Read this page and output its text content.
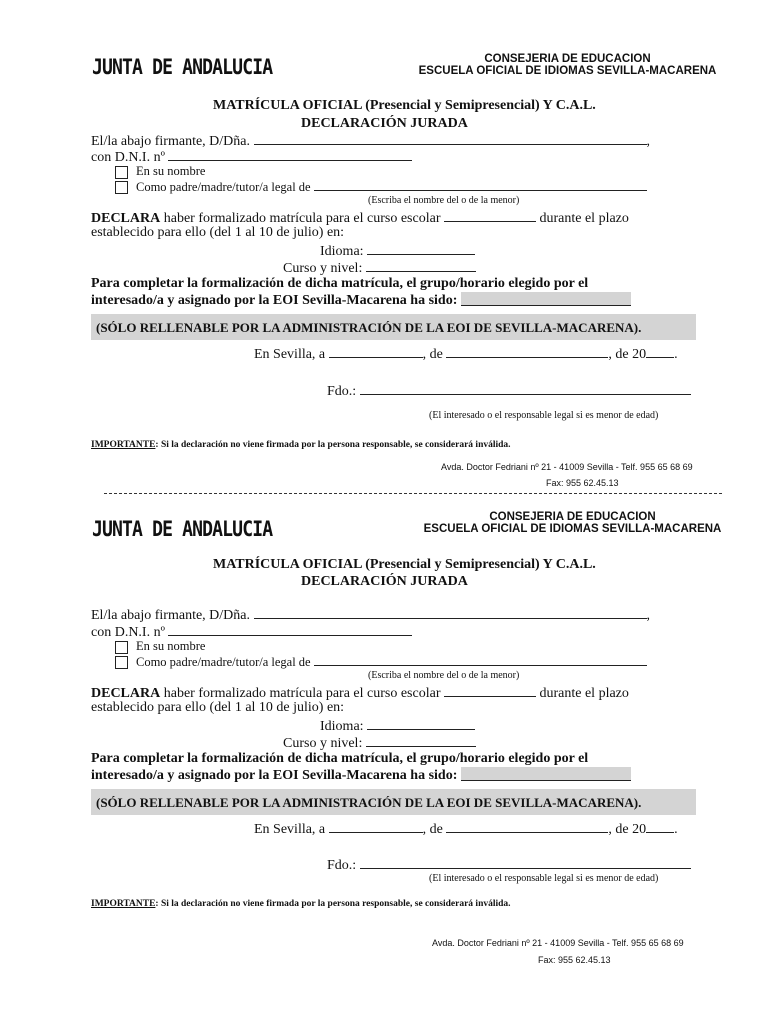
JUNTA DE ANDALUCIA	CONSEJERIA DE EDUCACION
ESCUELA OFICIAL DE IDIOMAS SEVILLA-MACARENA
MATRÍCULA OFICIAL (Presencial y Semipresencial) Y C.A.L.
DECLARACIÓN JURADA
El/la abajo firmante, D/Dña.	,
con D.N.I. nº
En su nombre
Como padre/madre/tutor/a legal de
(Escriba el nombre del o de la menor)
DECLARA haber formalizado matrícula para el curso escolar	durante el plazo
establecido para ello (del 1 al 10 de julio) en:
Idioma:
Curso y nivel:
Para completar la formalización de dicha matrícula, el grupo/horario elegido por el
interesado/a y asignado por la EOI Sevilla-Macarena ha sido:
(SÓLO RELLENABLE POR LA ADMINISTRACIÓN DE LA EOI DE SEVILLA-MACARENA).
En Sevilla, a	, de	, de 20 .
Fdo.:
(El interesado o el responsable legal si es menor de edad)
IMPORTANTE: Si la declaración no viene firmada por la persona responsable, se considerará inválida.
Avda. Doctor Fedriani nº 21 - 41009 Sevilla - Telf. 955 65 68 69
Fax: 955 62.45.13
JUNTA DE ANDALUCIA	CONSEJERIA DE EDUCACION
ESCUELA OFICIAL DE IDIOMAS SEVILLA-MACARENA
MATRÍCULA OFICIAL (Presencial y Semipresencial) Y C.A.L.
DECLARACIÓN JURADA
El/la abajo firmante, D/Dña.	,
con D.N.I. nº
En su nombre
Como padre/madre/tutor/a legal de
(Escriba el nombre del o de la menor)
DECLARA haber formalizado matrícula para el curso escolar	durante el plazo
establecido para ello (del 1 al 10 de julio) en:
Idioma:
Curso y nivel:
Para completar la formalización de dicha matrícula, el grupo/horario elegido por el
interesado/a y asignado por la EOI Sevilla-Macarena ha sido:
(SÓLO RELLENABLE POR LA ADMINISTRACIÓN DE LA EOI DE SEVILLA-MACARENA).
En Sevilla, a	, de	, de 20 .
Fdo.:
(El interesado o el responsable legal si es menor de edad)
IMPORTANTE: Si la declaración no viene firmada por la persona responsable, se considerará inválida.
Avda. Doctor Fedriani nº 21 - 41009 Sevilla - Telf. 955 65 68 69
Fax: 955 62.45.13
